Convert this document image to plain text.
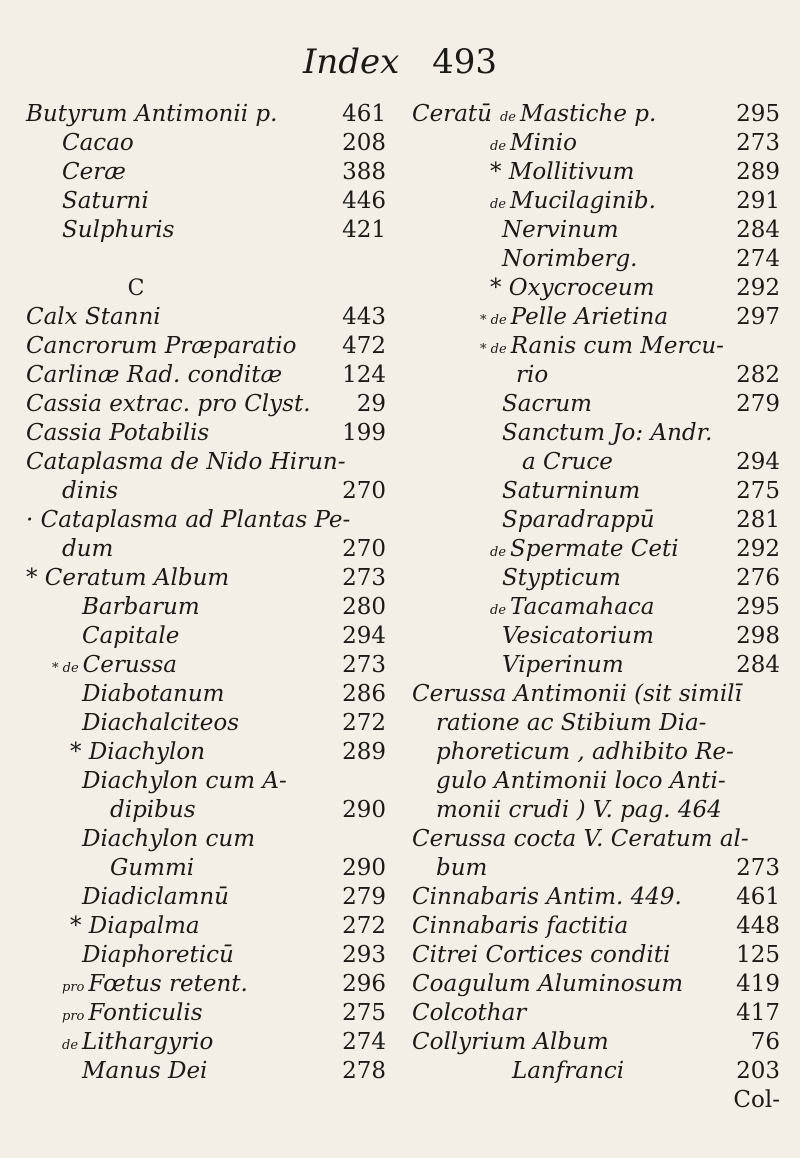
Index 493
Butyrum Antimonii p.	461
Cacao	208
Ceræ	388
Saturni	446
Sulphuris	421
C
Calx Stanni	443
Cancrorum Præparatio 472
Carlinæ Rad. conditæ	124
Cassia extrac. pro Clyst. 29
Cassia Potabilis	199
Cataplasma de Nido Hirun-
dinis	270
· Cataplasma ad Plantas Pe-
dum	270
* Ceratum Album	273
Barbarum	280
Capitale	294
* de Cerussa	273
Diabotanum	286
Diachalciteos	272
* Diachylon	289
Diachylon cum A-
dipibus	290
Diachylon cum
Gummi	290
Diadiclamnū	279
* Diapalma	272
Diaphoreticū	293
pro Fœtus retent.	296
pro Fonticulis	275
de Lithargyrio	274
Manus Dei	278
Ceratū de Mastiche p.	295
de Minio	273
* Mollitivum	289
de Mucilaginib.	291
Nervinum	284
Norimberg.	274
* Oxycroceum	292
* de Pelle Arietina	297
* de Ranis cum Mercu-
rio	282
Sacrum	279
Sanctum Jo: Andr.
a Cruce	294
Saturninum	275
Sparadrappū	281
de Spermate Ceti 292
Stypticum	276
de Tacamahaca	295
Vesicatorium	298
Viperinum	284
Cerussa Antimonii (sit similī
ratione ac Stibium Dia-
phoreticum , adhibito Re-
gulo Antimonii loco Anti-
monii crudi ) V. pag. 464
Cerussa cocta V. Ceratum al-
bum	273
Cinnabaris Antim. 449. 461
Cinnabaris factitia	448
Citrei Cortices conditi	125
Coagulum Aluminosum 419
Colcothar	417
Collyrium Album	76
Lanfranci	203
Col-
